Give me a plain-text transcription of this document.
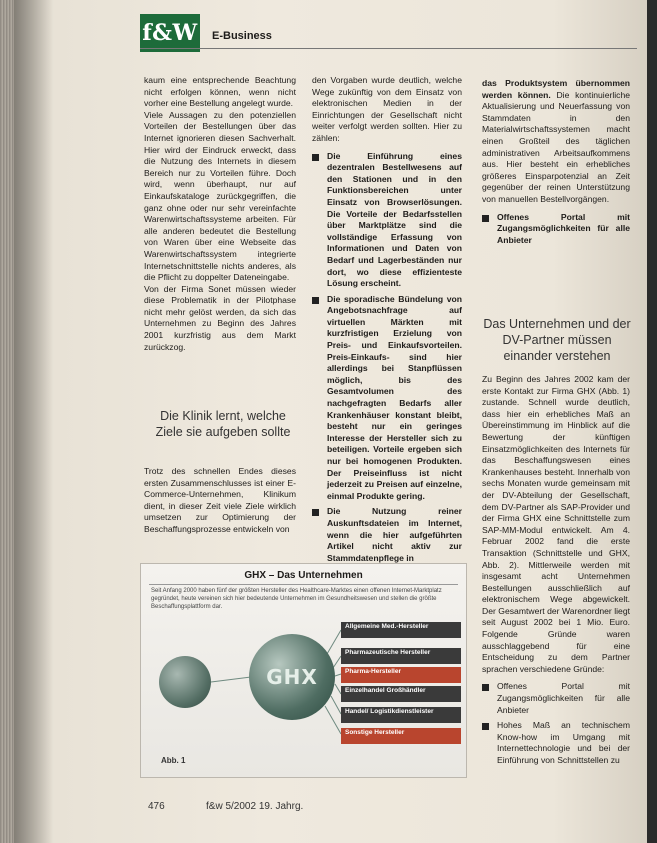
f&W E-Business

kaum eine entsprechende Beachtung nicht erfolgen können, wenn nicht vorher eine Bestellung angelegt wurde.

Viele Aussagen zu den potenziellen Vorteilen der Bestellungen über das Internet ignorieren diesen Sachverhalt. Hier wird der Eindruck erweckt, dass die Nutzung des Internets in diesem Bereich nur zu Vorteilen führe. Doch wird, wenn überhaupt, nur auf Einkaufskataloge zurückgegriffen, die ganz ohne oder nur sehr vereinfachte Warenwirtschaftssysteme arbeiten. Für alle anderen bedeutet die Bestellung von Waren über eine Webseite das Warenwirtschaftssystem integrierte Internetschnittstelle nichts anderes, als die Pflicht zu doppelter Dateneingabe.

Von der Firma Sonet müssen wieder diese Problematik in der Pilotphase nicht mehr gelöst werden, da sich das Unternehmen zu Beginn des Jahres 2001 kurzfristig aus dem Markt zurückzog.

Die Klinik lernt, welche Ziele sie aufgeben sollte

Trotz des schnellen Endes dieses ersten Zusammenschlusses ist einer E-Commerce-Unternehmen, Klinikum dient, in dieser Zeit viele Ziele wirklich umsetzen zur Optimierung der Beschaffungsprozesse entwickeln von

den Vorgaben wurde deutlich, welche Wege zukünftig von dem Einsatz von elektronischen Medien in der Einrichtungen der Gesellschaft nicht weiter verfolgt werden sollten. Hier zu zählen:

Die Einführung eines dezentralen Bestellwesens auf den Stationen und in den Funktionsbereichen unter Einsatz von Browserlösungen. Die Vorteile der Bedarfsstellen über Marktplätze sind die vollständige Erfassung von Informationen und Daten von Bedarf und Lagerbeständen nur dort, wo diese effizienteste Lösung erscheint.
Die sporadische Bündelung von Angebotsnachfrage auf virtuellen Märkten mit kurzfristigen Erzielung von Preis- und Einkaufsvorteilen. Preis-Einkaufs- sind hier allerdings bei Stanpflüssen möglich, bis des Gesamtvolumen des nachgefragten Bedarfs aller Krankenhäuser konstant bleibt, besteht nur ein geringes Interesse der Hersteller sich zu beteiligen. Vorteile ergeben sich nur bei homogenen Produkten. Der Preiseinfluss ist nicht jederzeit zu Preisen auf einzelne, einmal Produkte gering.
Die Nutzung reiner Auskunftsdateien im Internet, wenn die hier aufgeführten Artikel nicht aktiv zur Stammdatenpflege in

das Produktsystem übernommen werden können. Die kontinuierliche Aktualisierung und Neuerfassung von Stammdaten in den Materialwirtschaftssystemen macht einen Großteil des täglichen administrativen Arbeitsaufkommens aus. Hier besteht ein erhebliches größeres Einsparpotenzial an Zeit gegenüber der reinen Unterstützung von manuellen Bestellvorgängen.

Offenes Portal mit Zugangsmöglichkeiten für alle Anbieter
Das Unternehmen und der DV-Partner müssen einander verstehen

Zu Beginn des Jahres 2002 kam der erste Kontakt zur Firma GHX (Abb. 1) zustande. Schnell wurde deutlich, dass hier ein erhebliches Maß an Übereinstimmung im Hinblick auf die Bewertung der künftigen Einsatzmöglichkeiten des Internets für das Beschaffungswesen eines Krankenhauses besteht. Innerhalb von sechs Monaten wurde gemeinsam mit der DV-Abteilung der Gesellschaft, dem DV-Partner als SAP-Provider und der Firma GHX eine Schnittstelle zum SAP-MM-Modul entwickelt. Am 4. Februar 2002 fand die erste Transaktion (Schnittstelle und GHX, Abb. 2). Mittlerweile werden mit insgesamt acht Unternehmen Bestellungen ausschließlich auf elektronischem Wege abgewickelt. Der Gesamtwert der Warenordner liegt seit August 2002 bei 1 Mio. Euro. Folgende Gründe waren ausschlaggebend für eine Entscheidung zu dem Partner sprachen verschiedene Gründe:

Offenes Portal mit Zugangsmöglichkeiten für alle Anbieter
Hohes Maß an technischem Know-how im Umgang mit Internettechnologie und bei der Einführung von Schnittstellen zu
GHX – Das Unternehmen
Seit Anfang 2000 haben fünf der größten Hersteller des Healthcare-Marktes einen offenen Internet-Marktplatz gegründet, heute vereinen sich hier bedeutende Unternehmen im Gesundheitswesen und stellen die größte Beschaffungsplattform dar.
GHX
Allgemeine Med.-Hersteller
Pharmazeutische Hersteller
Pharma-Hersteller
Einzelhandel Großhändler
Handel/ Logistikdienstleister
Sonstige Hersteller
Abb. 1
476	f&w 5/2002 19. Jahrg.
